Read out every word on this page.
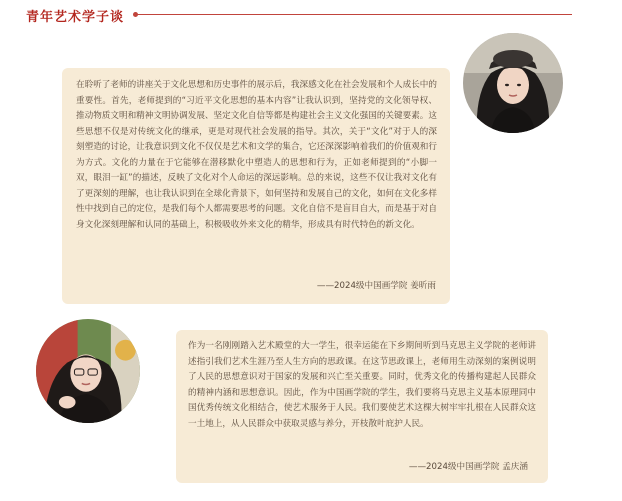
青年艺术学子谈

在聆听了老师的讲座关于文化思想和历史事件的展示后，我深感文化在社会发展和个人成长中的重要性。首先，老师提到的“习近平文化思想的基本内容”让我认识到，坚持党的文化领导权、推动物质文明和精神文明协调发展、坚定文化自信等都是构建社会主义文化强国的关键要素。这些思想不仅是对传统文化的继承，更是对现代社会发展的指导。其次，关于“文化”对于人的深刻塑造的讨论，让我意识到文化不仅仅是艺术和文学的集合，它还深深影响着我们的价值观和行为方式。文化的力量在于它能够在潜移默化中塑造人的思想和行为，正如老师提到的“小脚一双，眼泪一缸”的描述，反映了文化对个人命运的深远影响。总的来说，这些不仅让我对文化有了更深刻的理解，也让我认识到在全球化背景下，如何坚持和发展自己的文化，如何在文化多样性中找到自己的定位，是我们每个人都需要思考的问题。文化自信不是盲目自大，而是基于对自身文化深刻理解和认同的基础上，积极吸收外来文化的精华，形成具有时代特色的新文化。

——2024级中国画学院 姜昕雨

作为一名刚刚踏入艺术殿堂的大一学生，很幸运能在下乡期间听到马克思主义学院的老师讲述指引我们艺术生涯乃至人生方向的思政课。在这节思政课上，老师用生动深刻的案例说明了人民的思想意识对于国家的发展和兴亡至关重要。同时，优秀文化的传播构建起人民群众的精神内涵和思想意识。因此，作为中国画学院的学生，我们要将马克思主义基本原理同中国优秀传统文化相结合，使艺术服务于人民。我们要使艺术这棵大树牢牢扎根在人民群众这一土地上，从人民群众中获取灵感与养分，开枝散叶庇护人民。

——2024级中国画学院 孟庆涵
